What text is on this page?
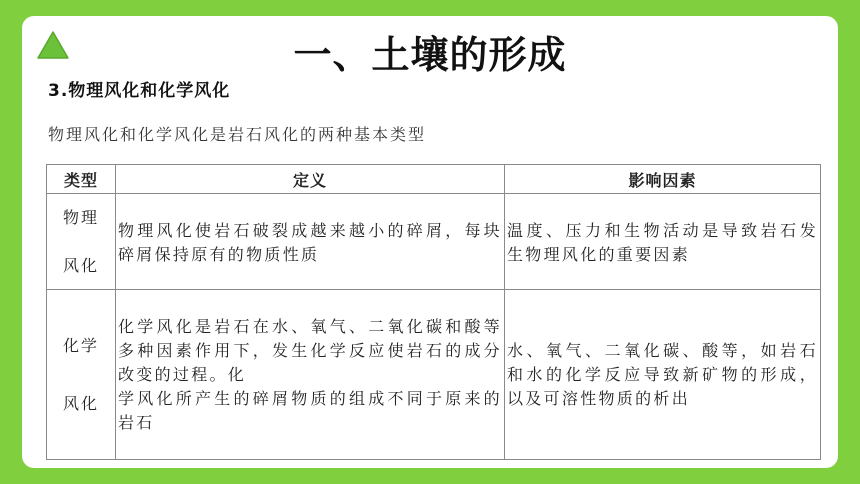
一、土壤的形成
3.物理风化和化学风化
物理风化和化学风化是岩石风化的两种基本类型
类型	定义	影响因素

物理
风化	物理风化使岩石破裂成越来越小的碎屑，每块碎屑保持原有的物质性质	温度、压力和生物活动是导致岩石发生物理风化的重要因素

化学
风化	化学风化是岩石在水、氧气、二氧化碳和酸等多种因素作用下，发生化学反应使岩石的成分改变的过程。化
学风化所产生的碎屑物质的组成不同于原来的岩石	水、氧气、二氧化碳、酸等，如岩石和水的化学反应导致新矿物的形成，以及可溶性物质的析出
